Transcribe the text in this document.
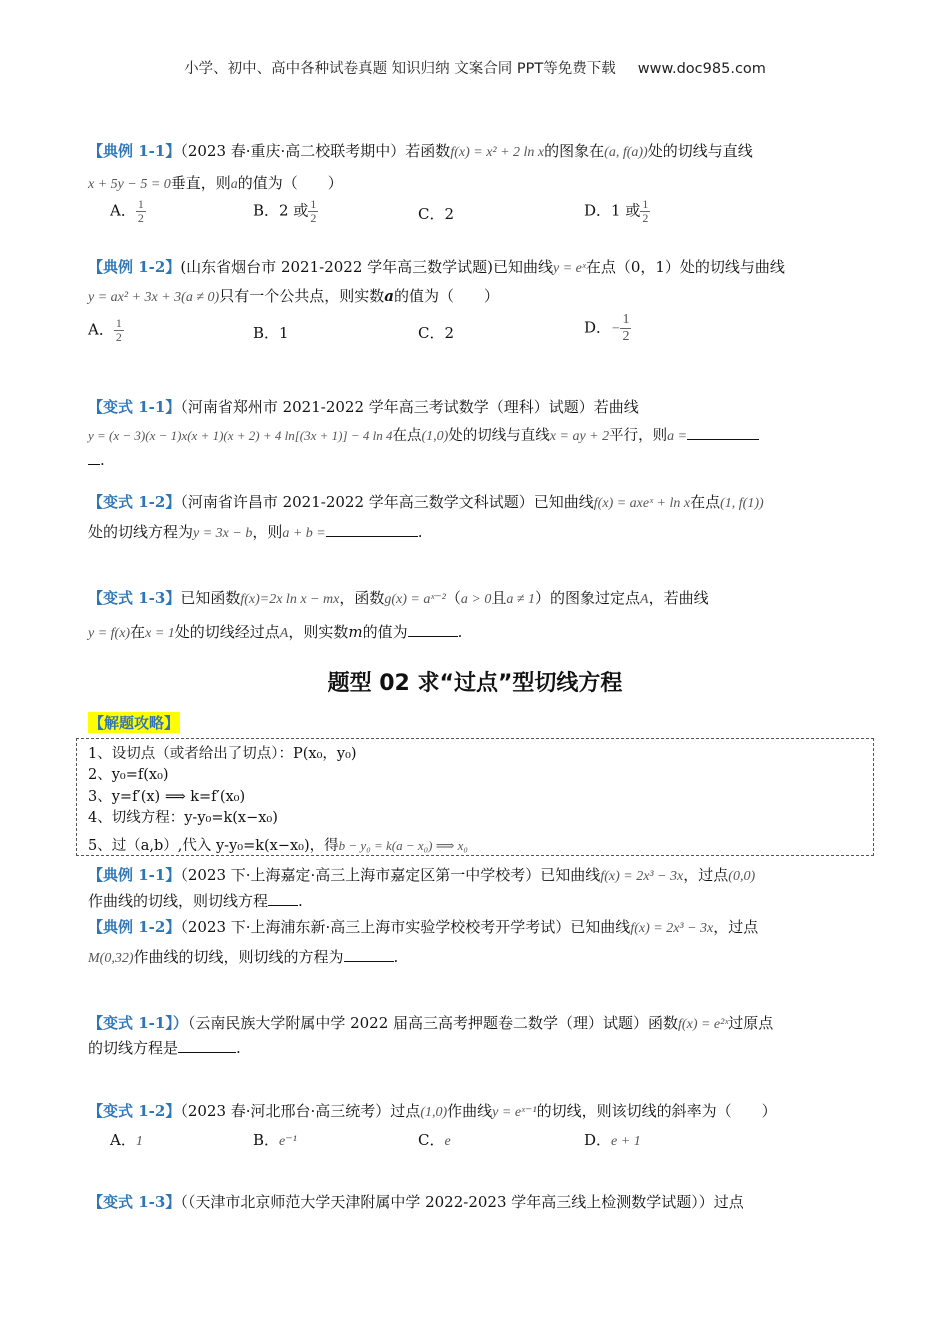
小学、初中、高中各种试卷真题 知识归纳 文案合同 PPT等免费下载 www.doc985.com
【典例 1-1】（2023 春·重庆·高二校联考期中）若函数f(x) = x² + 2 ln x的图象在(a, f(a))处的切线与直线
x + 5y − 5 = 0垂直，则a的值为（　　）
A． $\frac{1}{2}$	B．2 或 $\frac{1}{2}$	C．2	D．1 或 $\frac{1}{2}$
【典例 1-2】(山东省烟台市 2021-2022 学年高三数学试题)已知曲线y = eˣ在点（0，1）处的切线与曲线
y = ax² + 3x + 3(a ≠ 0)只有一个公共点，则实数a的值为（　　）
A． $\frac{1}{2}$	B．1	C．2	D．− $\frac{1}{2}$
【变式 1-1】（河南省郑州市 2021-2022 学年高三考试数学（理科）试题）若曲线
y = (x − 3)(x − 1)x(x + 1)(x + 2) + 4 ln[(3x + 1)] − 4 ln 4在点(1,0)处的切线与直线x = ay + 2平行，则a =
.
【变式 1-2】（河南省许昌市 2021-2022 学年高三数学文科试题）已知曲线f(x) = axeˣ + ln x在点(1, f(1))
处的切线方程为y = 3x − b，则a + b =	.
【变式 1-3】已知函数f(x)=2x ln x − mx，函数g(x) = aˣ⁻²（a > 0且a ≠ 1）的图象过定点A，若曲线
y = f(x)在x = 1处的切线经过点A，则实数m的值为	.
题型 02 求“过点”型切线方程
【解题攻略】
1、设切点（或者给出了切点）：P(x₀，y₀)
2、y₀=f(x₀)
3、y=f′(x) ⟹ k=f′(x₀)
4、切线方程：y-y₀=k(x−x₀)
5、过（a,b）,代入 y-y₀=k(x−x₀)，得b − y₀ = k(a − x₀) ⟹ x₀
【典例 1-1】（2023 下·上海嘉定·高三上海市嘉定区第一中学校考）已知曲线f(x) = 2x³ − 3x，过点(0,0)
作曲线的切线，则切线方程 .
【典例 1-2】（2023 下·上海浦东新·高三上海市实验学校校考开学考试）已知曲线f(x) = 2x³ − 3x，过点
M(0,32)作曲线的切线，则切线的方程为	.
【变式 1-1】）（云南民族大学附属中学 2022 届高三高考押题卷二数学（理）试题）函数f(x) = e²ˣ过原点
的切线方程是	.
【变式 1-2】（2023 春·河北邢台·高三统考）过点(1,0)作曲线y = eˣ⁻¹的切线，则该切线的斜率为（　　）
A．1	B．e⁻¹	C．e	D．e + 1
【变式 1-3】（（天津市北京师范大学天津附属中学 2022-2023 学年高三线上检测数学试题））过点
